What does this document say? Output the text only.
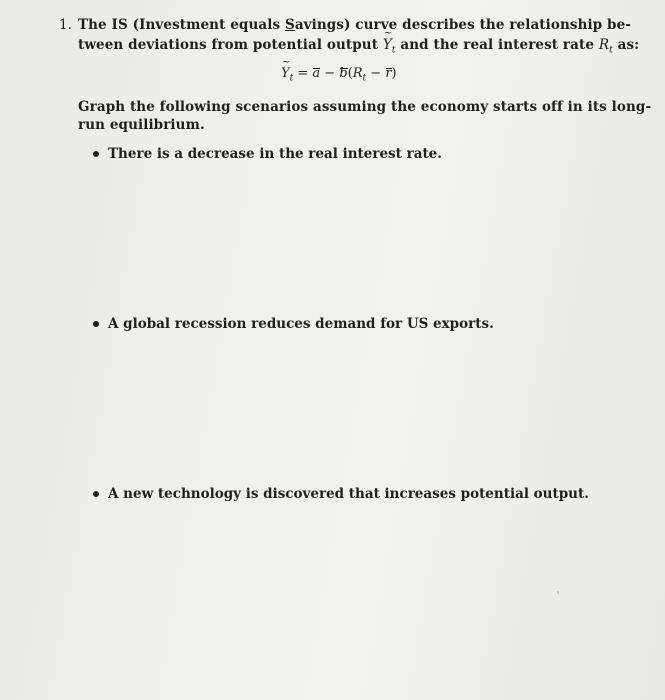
1. The IS (Investment equals Savings) curve describes the relationship be-
tween deviations from potential output ~ $Y_t$ and the real interest rate $R_t$ as:
~ $Y_t = a - b(R_t - r)$
Graph the following scenarios assuming the economy starts off in its long-
run equilibrium.
There is a decrease in the real interest rate.
A global recession reduces demand for US exports.
A new technology is discovered that increases potential output.
